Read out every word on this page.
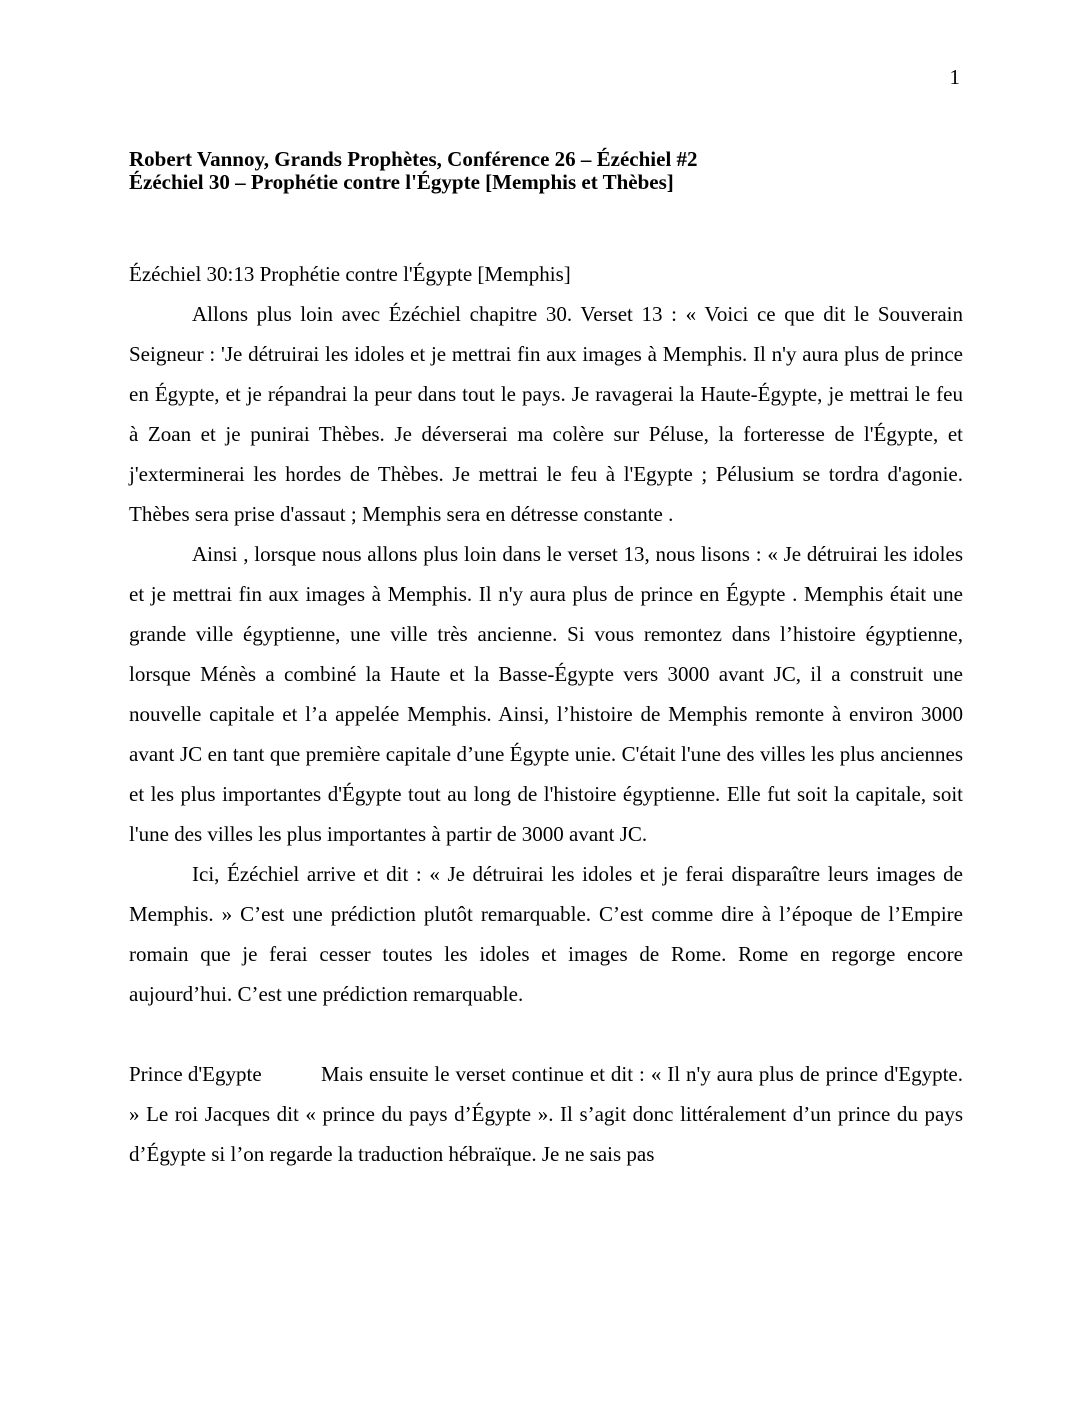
1
Robert Vannoy, Grands Prophètes, Conférence 26 – Ézéchiel #2
Ézéchiel 30 – Prophétie contre l'Égypte [Memphis et Thèbes]

Ézéchiel 30:13 Prophétie contre l'Égypte [Memphis]

Allons plus loin avec Ézéchiel chapitre 30. Verset 13 : « Voici ce que dit le Souverain Seigneur : 'Je détruirai les idoles et je mettrai fin aux images à Memphis. Il n'y aura plus de prince en Égypte, et je répandrai la peur dans tout le pays. Je ravagerai la Haute-Égypte, je mettrai le feu à Zoan et je punirai Thèbes. Je déverserai ma colère sur Péluse, la forteresse de l'Égypte, et j'exterminerai les hordes de Thèbes. Je mettrai le feu à l'Egypte ; Pélusium se tordra d'agonie. Thèbes sera prise d'assaut ; Memphis sera en détresse constante .

Ainsi , lorsque nous allons plus loin dans le verset 13, nous lisons : « Je détruirai les idoles et je mettrai fin aux images à Memphis. Il n'y aura plus de prince en Égypte . Memphis était une grande ville égyptienne, une ville très ancienne. Si vous remontez dans l’histoire égyptienne, lorsque Ménès a combiné la Haute et la Basse-Égypte vers 3000 avant JC, il a construit une nouvelle capitale et l’a appelée Memphis. Ainsi, l’histoire de Memphis remonte à environ 3000 avant JC en tant que première capitale d’une Égypte unie. C'était l'une des villes les plus anciennes et les plus importantes d'Égypte tout au long de l'histoire égyptienne. Elle fut soit la capitale, soit l'une des villes les plus importantes à partir de 3000 avant JC.

Ici, Ézéchiel arrive et dit : « Je détruirai les idoles et je ferai disparaître leurs images de Memphis. » C’est une prédiction plutôt remarquable. C’est comme dire à l’époque de l’Empire romain que je ferai cesser toutes les idoles et images de Rome. Rome en regorge encore aujourd’hui. C’est une prédiction remarquable.

Prince d'Egypte	Mais ensuite le verset continue et dit : « Il n'y aura plus de prince d'Egypte. » Le roi Jacques dit « prince du pays d’Égypte ». Il s’agit donc littéralement d’un prince du pays d’Égypte si l’on regarde la traduction hébraïque. Je ne sais pas
